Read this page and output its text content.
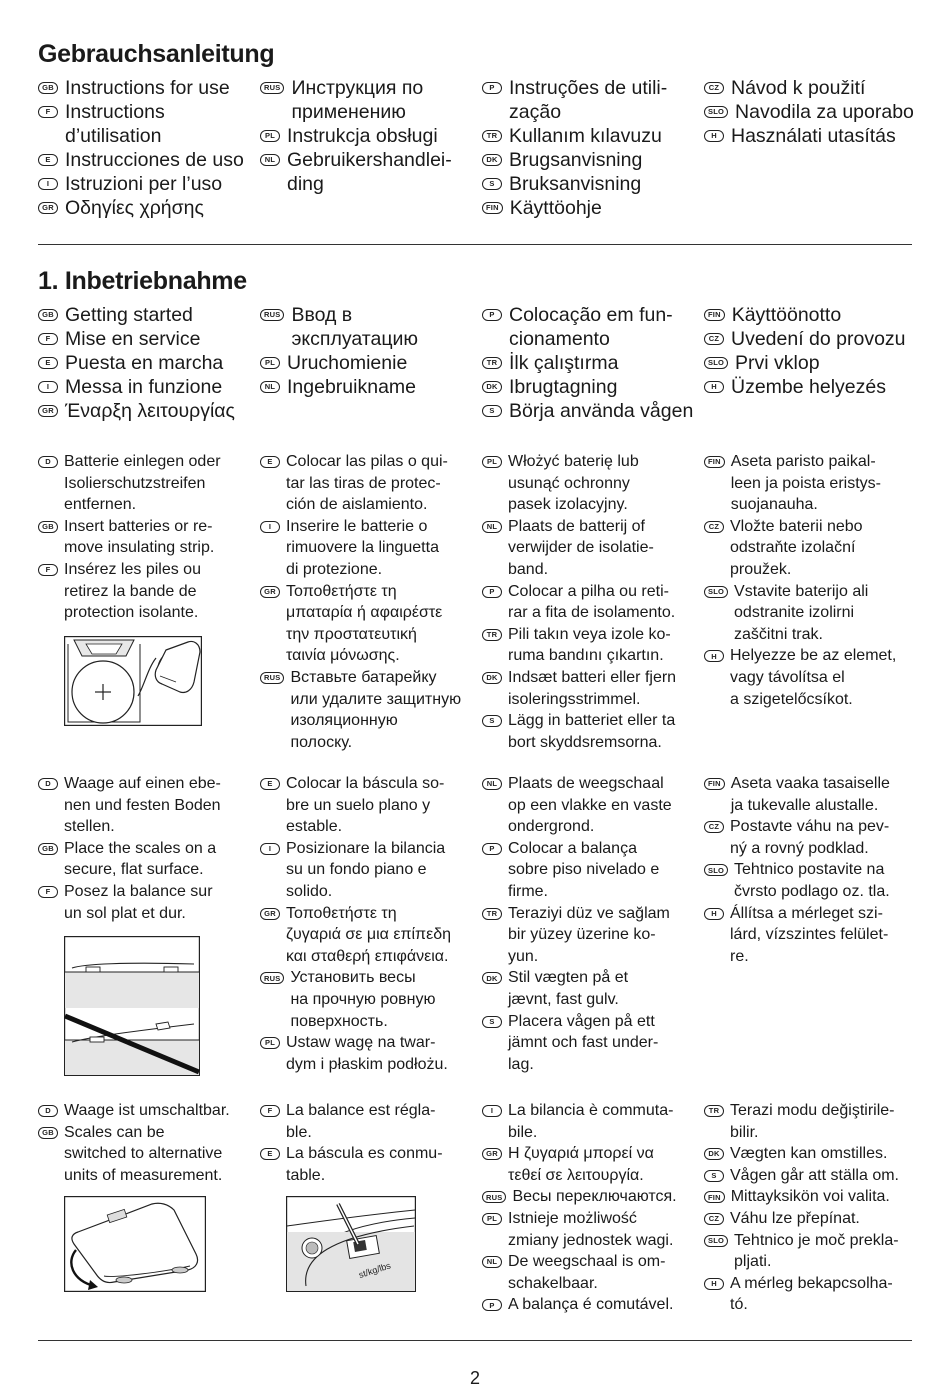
Gebrauchsanleitung
GB Instructions for use
F Instructions
d’utilisation
E Instrucciones de uso
I Istruzioni per l’uso
GR Οδηγίες χρήσης
RUS Инструкция по
применению
PL Instrukcja obsługi
NL Gebruikershandlei-
ding
P Instruções de utili-
zação
TR Kullanım kılavuzu
DK Brugsanvisning
S Bruksanvisning
FIN Käyttöohje
CZ Návod k použití
SLO Navodila za uporabo
H Használati utasítás
1. Inbetriebnahme
GB Getting started
F Mise en service
E Puesta en marcha
I Messa in funzione
GR Έναρξη λειτουργίας
RUS Ввод в
эксплуатацию
PL Uruchomienie
NL Ingebruikname
P Colocação em fun-
cionamento
TR İlk çalıştırma
DK Ibrugtagning
S Börja använda vågen
FIN Käyttöönotto
CZ Uvedení do provozu
SLO Prvi vklop
H Üzembe helyezés
D Batterie einlegen oder
Isolierschutzstreifen
entfernen.
GB Insert batteries or re-
move insulating strip.
F Insérez les piles ou
retirez la bande de
protection isolante.
E Colocar las pilas o qui-
tar las tiras de protec-
ción de aislamiento.
I Inserire le batterie o
rimuovere la linguetta
di protezione.
GR Τοποθετήστε τη
μπαταρία ή αφαιρέστε
την προστατευτική
ταινία μόνωσης.
RUS Вставьте батарейку
или удалите защитную
изоляционную
полоску.
PL Włożyć baterię lub
usunąć ochronny
pasek izolacyjny.
NL Plaats de batterij of
verwijder de isolatie-
band.
P Colocar a pilha ou reti-
rar a fita de isolamento.
TR Pili takın veya izole ko-
ruma bandını çıkartın.
DK Indsæt batteri eller fjern
isoleringsstrimmel.
S Lägg in batteriet eller ta
bort skyddsremsorna.
FIN Aseta paristo paikal-
leen ja poista eristys-
suojanauha.
CZ Vložte baterii nebo
odstraňte izolační
proužek.
SLO Vstavite baterijo ali
odstranite izolirni
zaščitni trak.
H Helyezze be az elemet,
vagy távolítsa el
a szigetelőcsíkot.
D Waage auf einen ebe-
nen und festen Boden
stellen.
GB Place the scales on a
secure, flat surface.
F Posez la balance sur
un sol plat et dur.
E Colocar la báscula so-
bre un suelo plano y
estable.
I Posizionare la bilancia
su un fondo piano e
solido.
GR Τοποθετήστε τη
ζυγαριά σε μια επίπεδη
και σταθερή επιφάνεια.
RUS Установить весы
на прочную ровную
поверхность.
PL Ustaw wagę na twar-
dym i płaskim podłożu.
NL Plaats de weegschaal
op een vlakke en vaste
ondergrond.
P Colocar a balança
sobre piso nivelado e
firme.
TR Teraziyi düz ve sağlam
bir yüzey üzerine ko-
yun.
DK Stil vægten på et
jævnt, fast gulv.
S Placera vågen på ett
jämnt och fast under-
lag.
FIN Aseta vaaka tasaiselle
ja tukevalle alustalle.
CZ Postavte váhu na pev-
ný a rovný podklad.
SLO Tehtnico postavite na
čvrsto podlago oz. tla.
H Állítsa a mérleget szi-
lárd, vízszintes felület-
re.
D Waage ist umschaltbar.
GB Scales can be
switched to alternative
units of measurement.
F La balance est régla-
ble.
E La báscula es conmu-
table.
I La bilancia è commuta-
bile.
GR Η ζυγαριά μπορεί να
τεθεί σε λειτουργία.
RUS Весы переключаются.
PL Istnieje możliwość
zmiany jednostek wagi.
NL De weegschaal is om-
schakelbaar.
P A balança é comutável.
TR Terazi modu değiştirile-
bilir.
DK Vægten kan omstilles.
S Vågen går att ställa om.
FIN Mittayksikön voi valita.
CZ Váhu lze přepínat.
SLO Tehtnico je moč prekla-
pljati.
H A mérleg bekapcsolha-
tó.
st/kg/lbs
2
